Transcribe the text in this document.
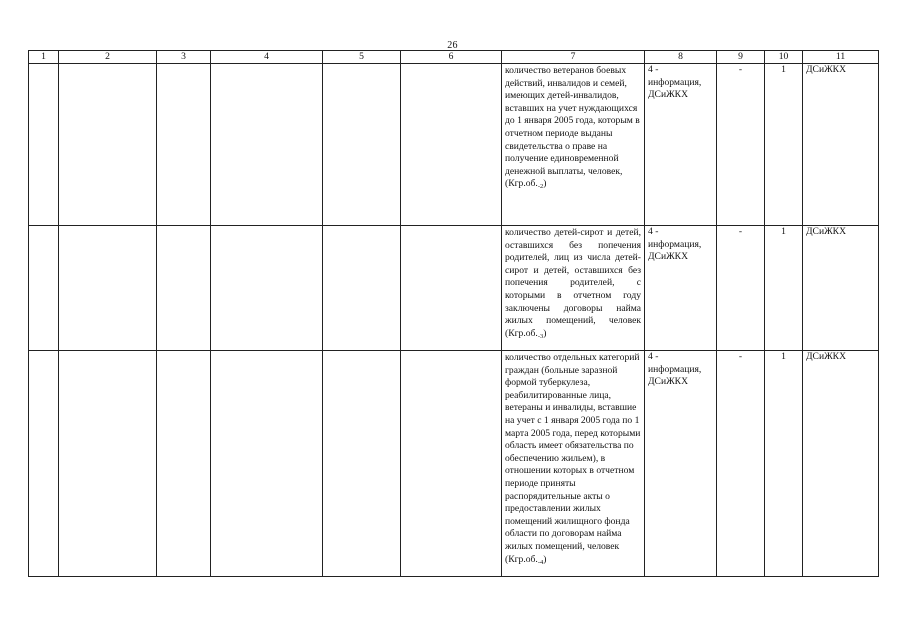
26
1	2	3	4	5	6	7	8	9	10	11

						количество ветеранов боевых действий, инвалидов и семей, имеющих детей-инвалидов, вставших на учет нуждающихся до 1 января 2005 года, которым в отчетном периоде выданы свидетельства о праве на получение единовременной денежной выплаты, человек, $(Кгр.об._{-2})$	4 - информация, ДСиЖКХ	-	1	ДСиЖКХ

						количество детей-сирот и детей, оставшихся без попечения родителей, лиц из числа детей-сирот и детей, оставшихся без попечения родителей, с которыми в отчетном году заключены договоры найма жилых помещений, человек $(Кгр.об._{-3})$	4 - информация, ДСиЖКХ	-	1	ДСиЖКХ

						количество отдельных категорий граждан (больные заразной формой туберкулеза, реабилитированные лица, ветераны и инвалиды, вставшие на учет с 1 января 2005 года по 1 марта 2005 года, перед которыми область имеет обязательства по обеспечению жильем), в отношении которых в отчетном периоде приняты распорядительные акты о предоставлении жилых помещений жилищного фонда области по договорам найма жилых помещений, человек $(Кгр.об._{-4})$	4 - информация, ДСиЖКХ	-	1	ДСиЖКХ
